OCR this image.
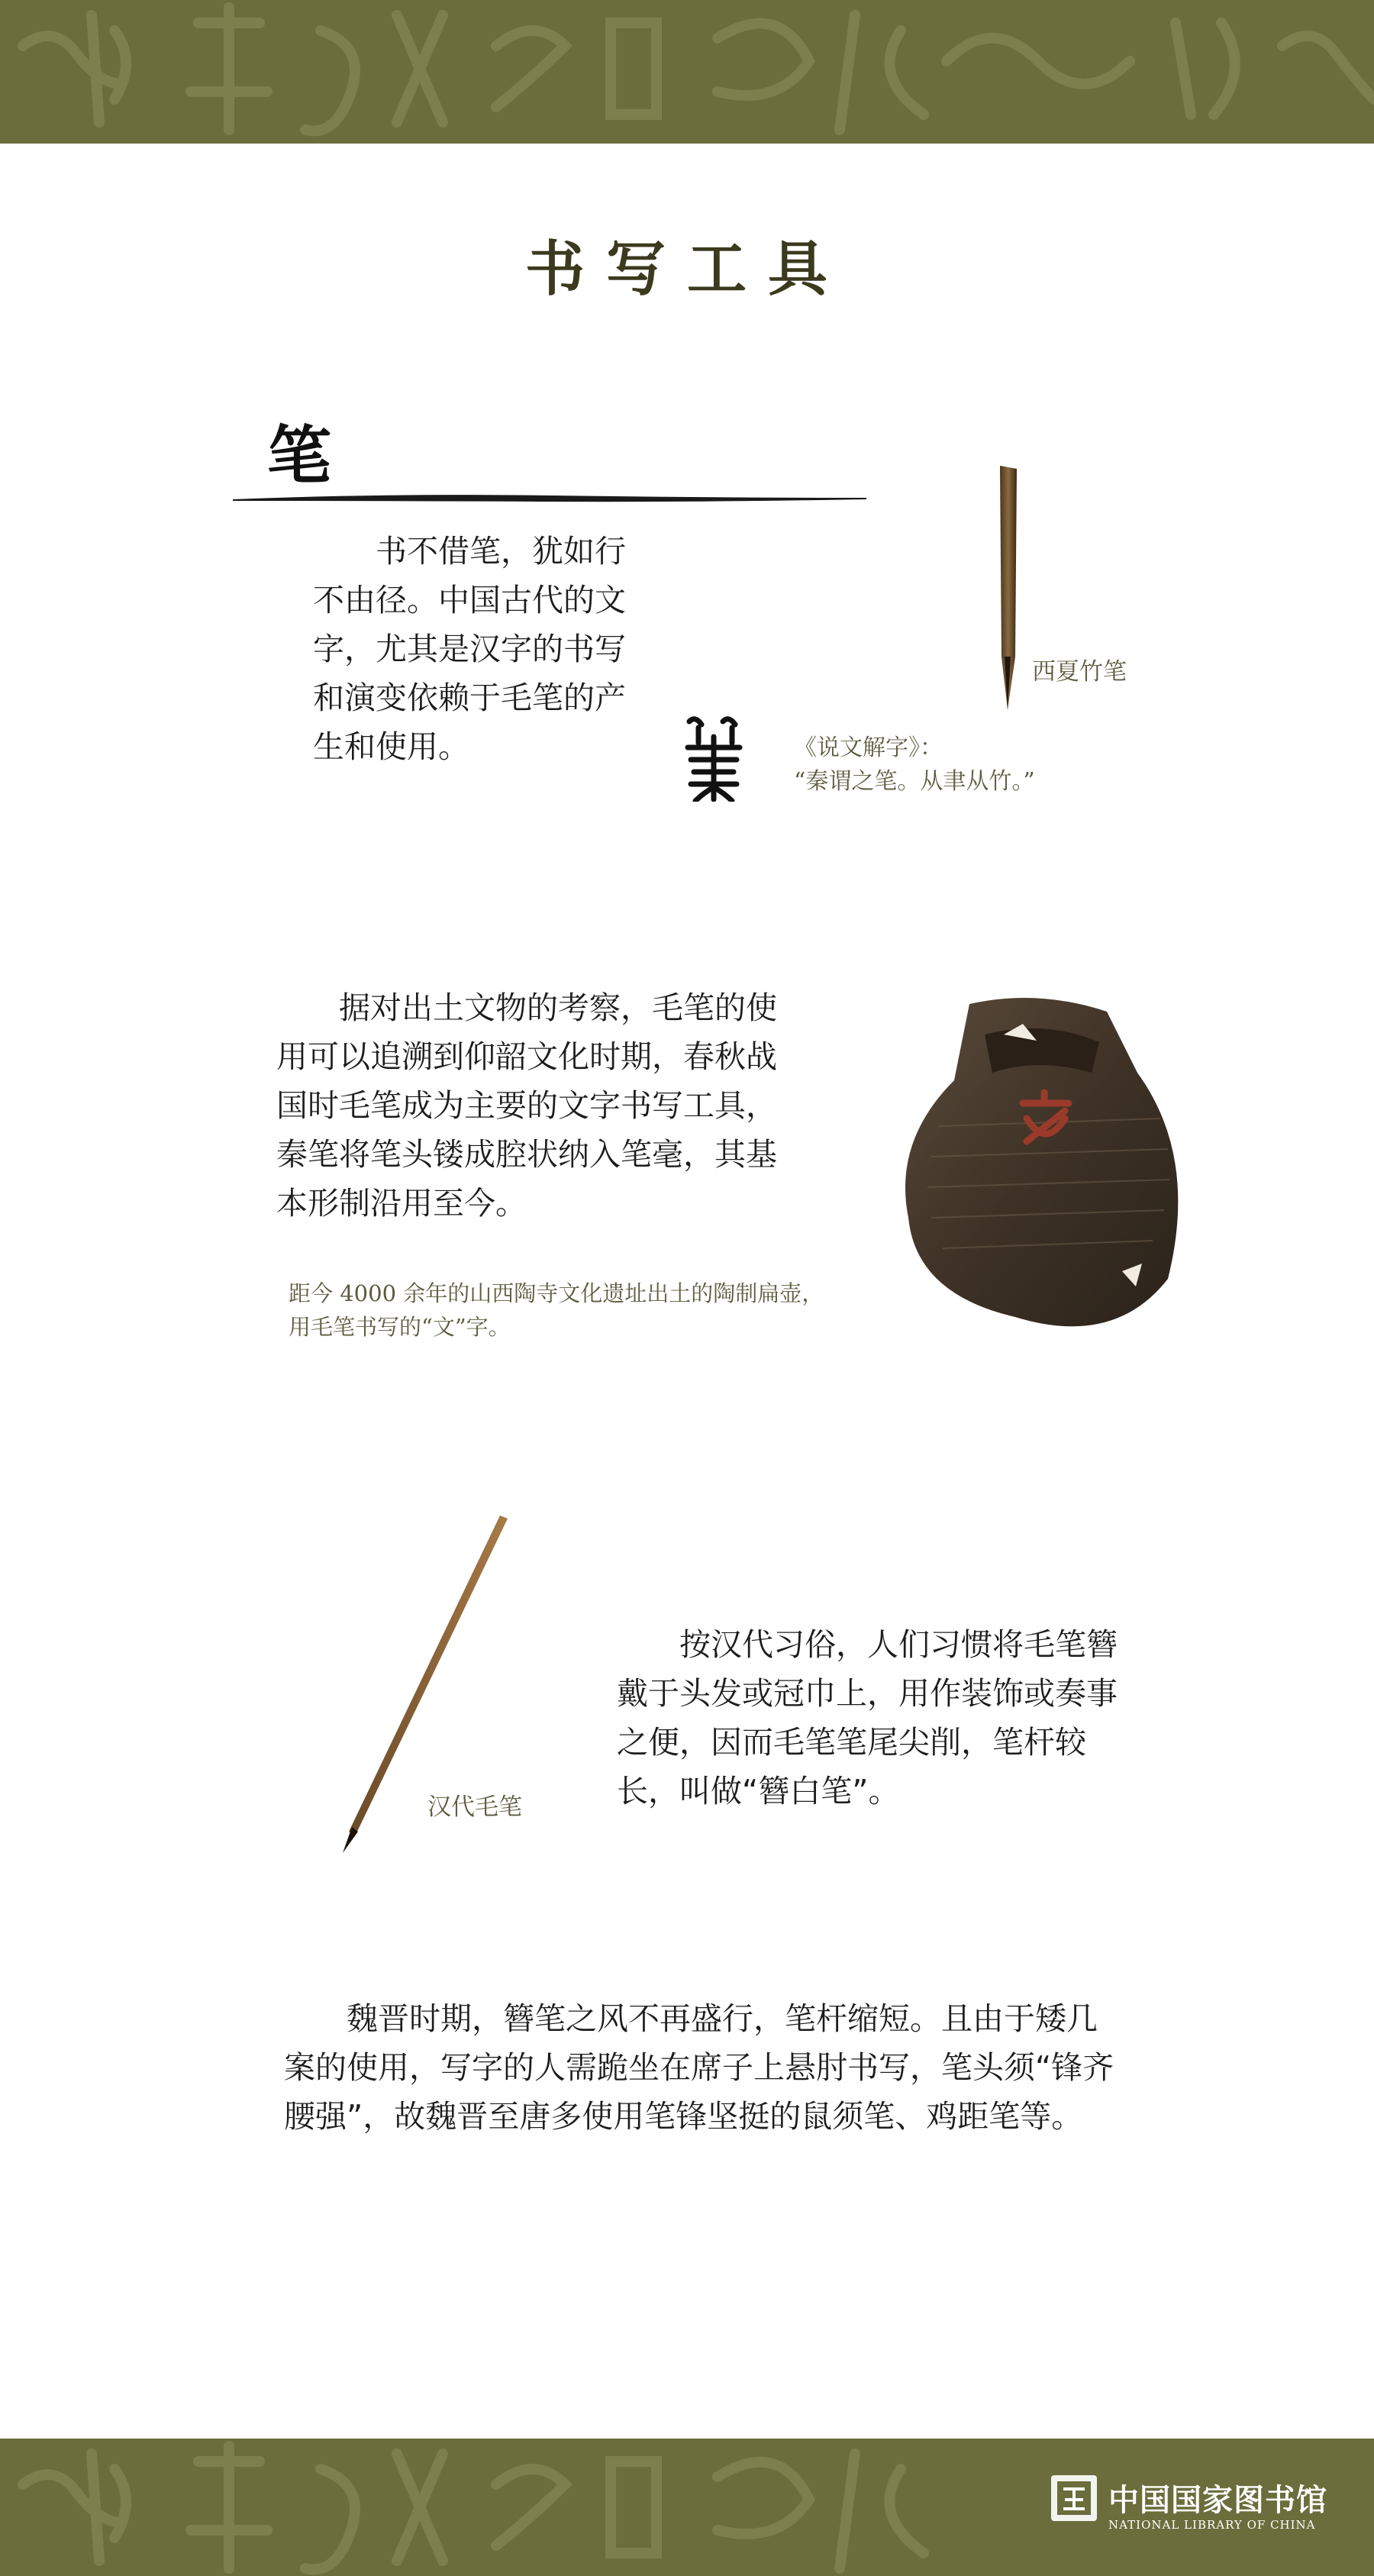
书写工具
笔
书不借笔，犹如行不由径。中国古代的文字，尤其是汉字的书写和演变依赖于毛笔的产生和使用。
西夏竹笔
《说文解字》：
“秦谓之笔。从聿从竹。”
据对出土文物的考察，毛笔的使用可以追溯到仰韶文化时期，春秋战国时毛笔成为主要的文字书写工具，秦笔将笔头镂成腔状纳入笔毫，其基本形制沿用至今。
距今 4000 余年的山西陶寺文化遗址出土的陶制扁壶，
用毛笔书写的“文”字。
汉代毛笔
按汉代习俗，人们习惯将毛笔簪戴于头发或冠巾上，用作装饰或奏事之便，因而毛笔笔尾尖削，笔杆较长，叫做“簪白笔”。
魏晋时期，簪笔之风不再盛行，笔杆缩短。且由于矮几案的使用，写字的人需跪坐在席子上悬肘书写，笔头须“锋齐腰强”，故魏晋至唐多使用笔锋坚挺的鼠须笔、鸡距笔等。
中国国家图书馆
NATIONAL LIBRARY OF CHINA
